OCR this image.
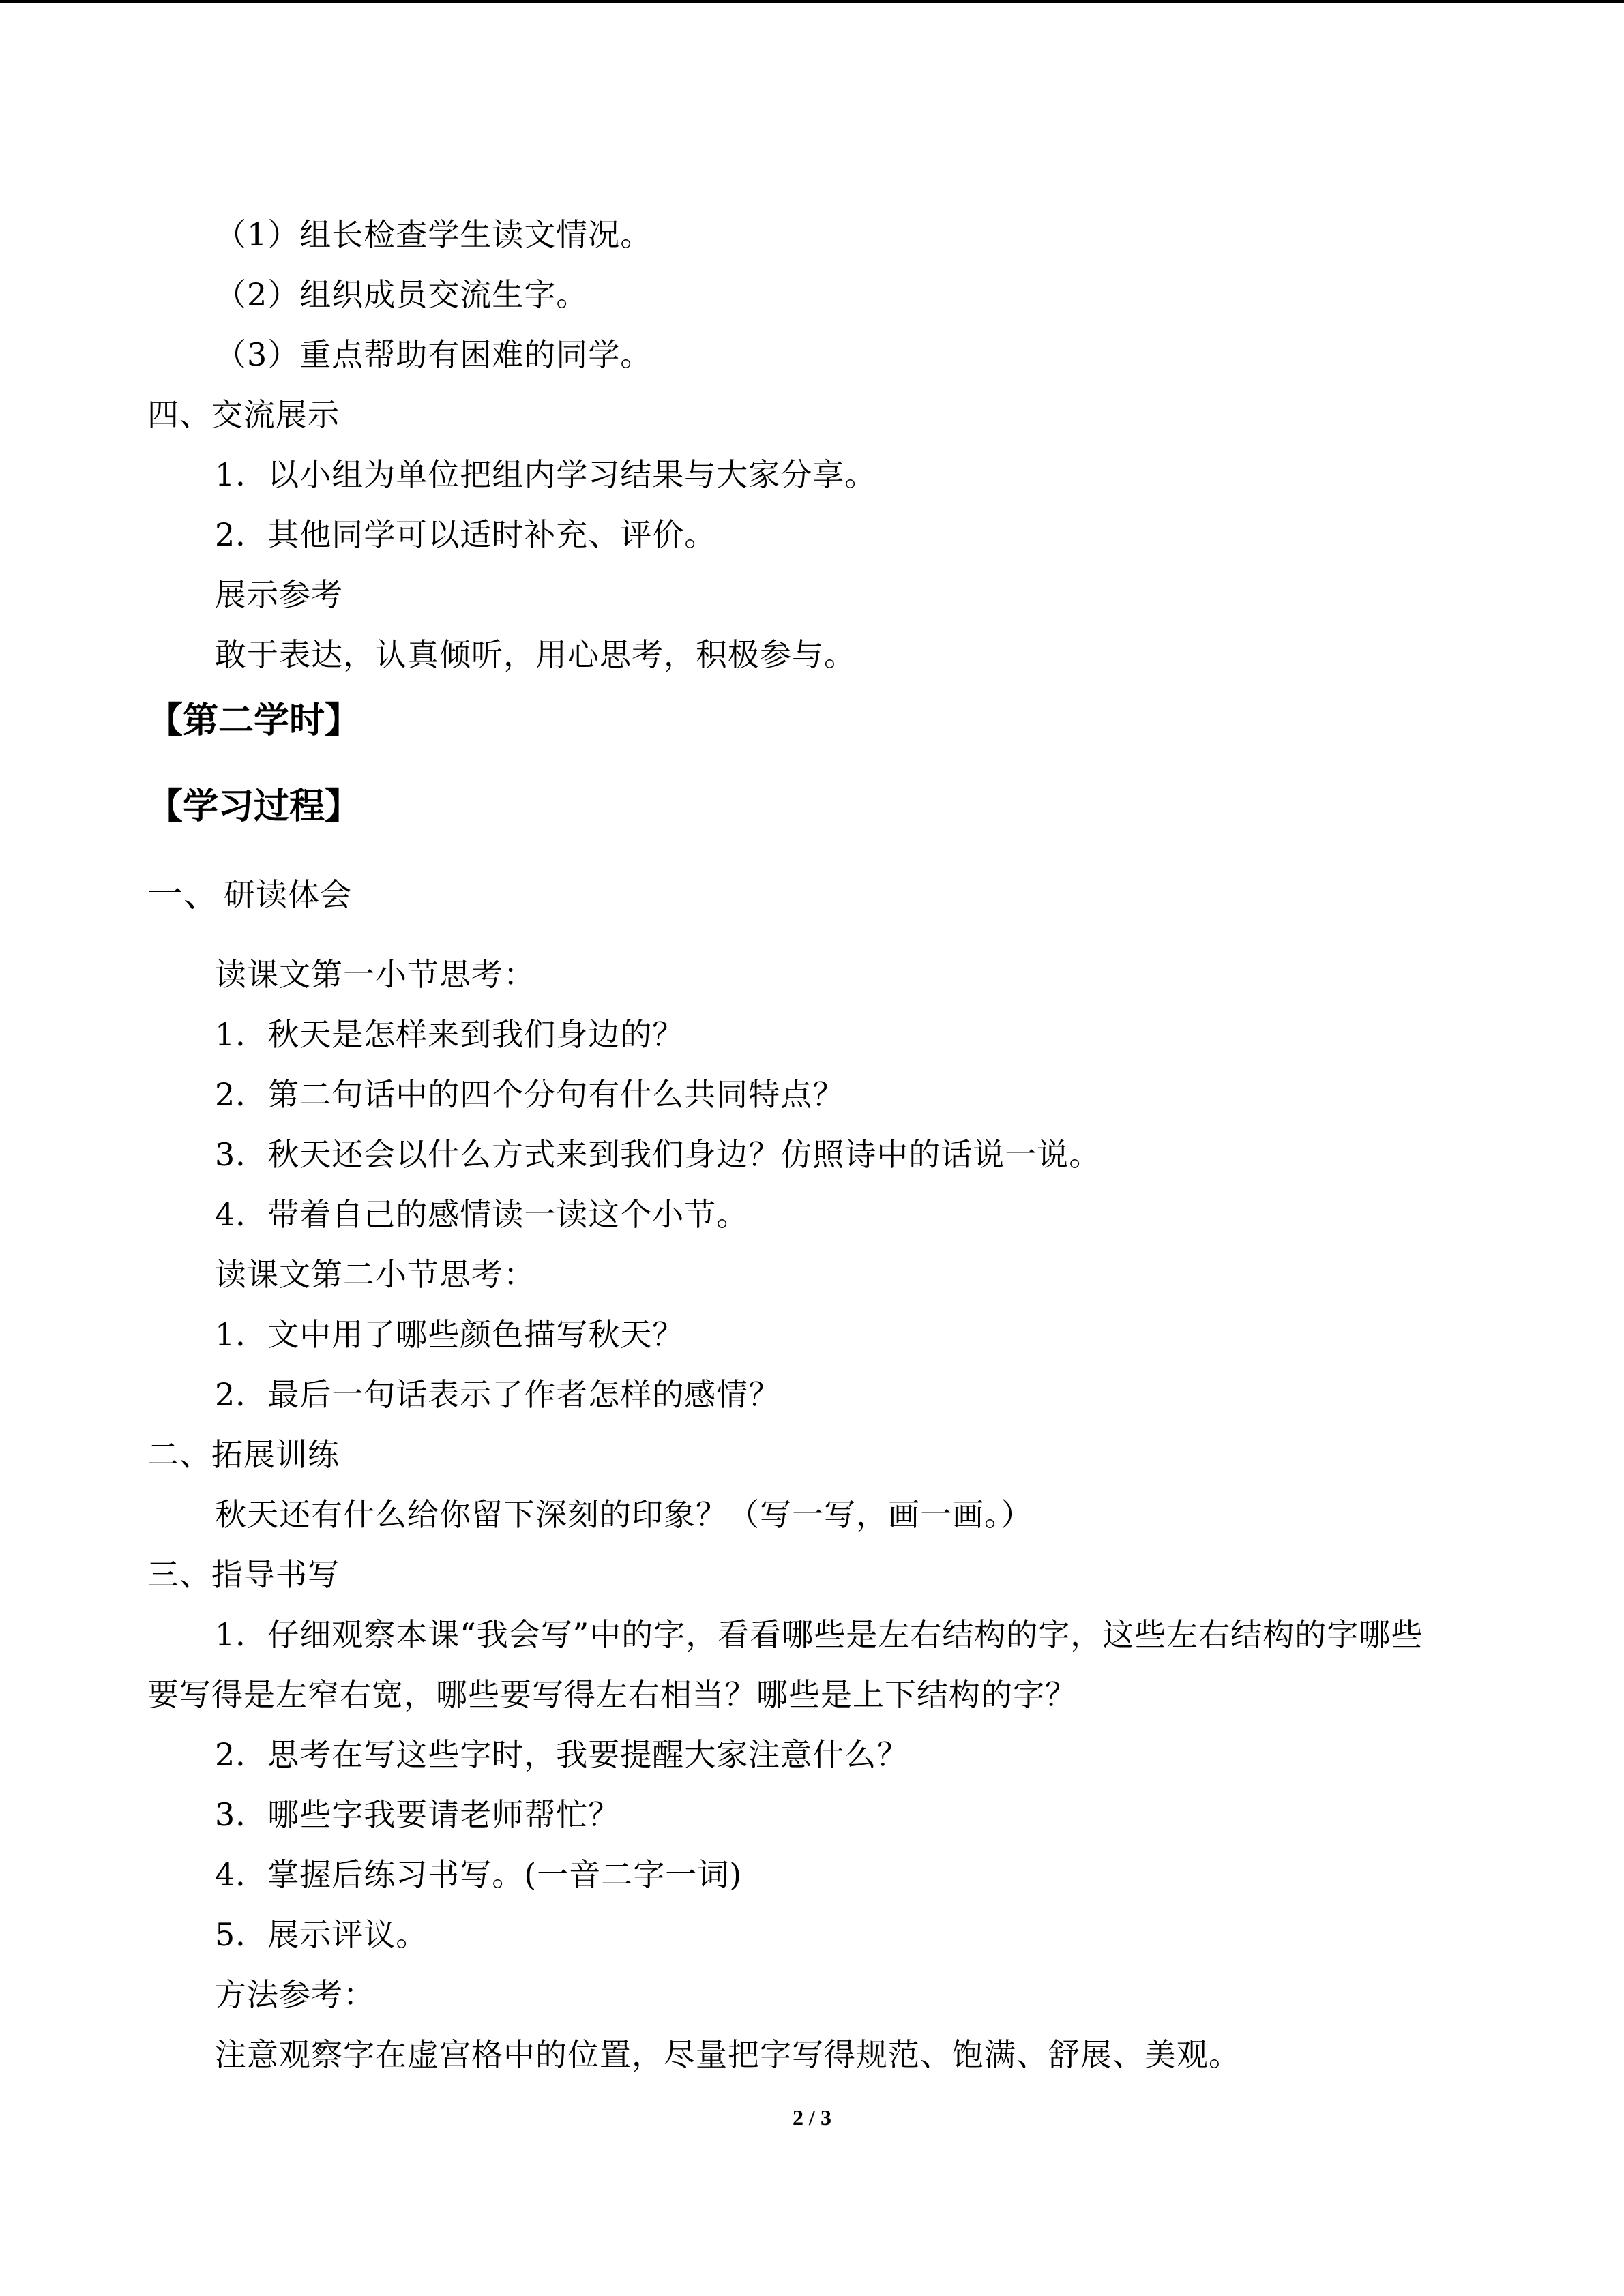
（1）组长检查学生读文情况。
（2）组织成员交流生字。
（3）重点帮助有困难的同学。
四、交流展示
1．以小组为单位把组内学习结果与大家分享。
2．其他同学可以适时补充、评价。
展示参考
敢于表达，认真倾听，用心思考，积极参与。
【第二学时】
【学习过程】
一、 研读体会
读课文第一小节思考：
1．秋天是怎样来到我们身边的？
2．第二句话中的四个分句有什么共同特点？
3．秋天还会以什么方式来到我们身边？仿照诗中的话说一说。
4．带着自己的感情读一读这个小节。
读课文第二小节思考：
1．文中用了哪些颜色描写秋天？
2．最后一句话表示了作者怎样的感情？
二、拓展训练
秋天还有什么给你留下深刻的印象？（写一写，画一画。）
三、指导书写
1．仔细观察本课“我会写”中的字，看看哪些是左右结构的字，这些左右结构的字哪些
要写得是左窄右宽，哪些要写得左右相当？哪些是上下结构的字？
2．思考在写这些字时，我要提醒大家注意什么？
3．哪些字我要请老师帮忙？
4．掌握后练习书写。(一音二字一词)
5．展示评议。
方法参考：
注意观察字在虚宫格中的位置，尽量把字写得规范、饱满、舒展、美观。
2 / 3
